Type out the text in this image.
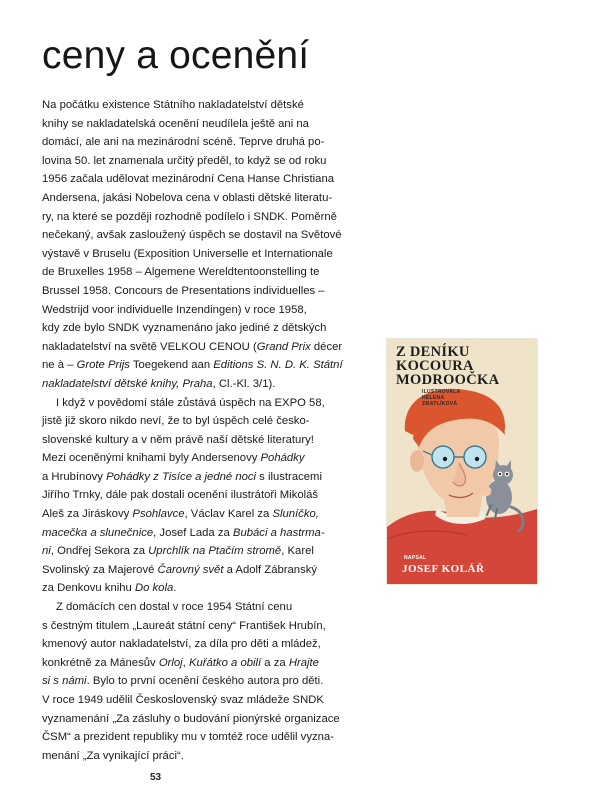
ceny a ocenění

Na počátku existence Státního nakladatelství dětské
knihy se nakladatelská ocenění neudílela ještě ani na
domácí, ale ani na mezinárodní scéně. Teprve druhá po-
lovina 50. let znamenala určitý předěl, to když se od roku
1956 začala udělovat mezinárodní Cena Hanse Christiana
Andersena, jakási Nobelova cena v oblasti dětské literatu-
ry, na které se později rozhodně podílelo i SNDK. Poměrně
nečekaný, avšak zasloužený úspěch se dostavil na Světové
výstavě v Bruselu (Exposition Universelle et Internationale
de Bruxelles 1958 – Algemene Wereldtentoonstelling te
Brussel 1958. Concours de Presentations individuelles –
Wedstrijd voor individuelle Inzendingen) v roce 1958,
kdy zde bylo SNDK vyznamenáno jako jediné z dětských
nakladatelství na světě VELKOU CENOU (Grand Prix décer
ne à – Grote Prijs Toegekend aan Editions S. N. D. K. Státní
nakladatelství dětské knihy, Praha, Cl.-Kl. 3/1).

I když v povědomí stále zůstává úspěch na EXPO 58,
jistě již skoro nikdo neví, že to byl úspěch celé česko-
slovenské kultury a v něm právě naší dětské literatury!
Mezi oceněnými knihami byly Andersenovy Pohádky
a Hrubínovy Pohádky z Tisíce a jedné noci s ilustracemi
Jiřího Trnky, dále pak dostali ocenění ilustrátoři Mikoláš
Aleš za Jiráskovy Psohlavce, Václav Karel za Sluníčko,
macečka a slunečnice, Josef Lada za Bubáci a hastrma-
ni, Ondřej Sekora za Uprchlík na Ptačím stromě, Karel
Svolinský za Majerové Čarovný svět a Adolf Zábranský
za Denkovu knihu Do kola.

Z domácích cen dostal v roce 1954 Státní cenu
s čestným titulem „Laureát státní ceny“ František Hrubín,
kmenový autor nakladatelství, za díla pro děti a mládež,
konkrétně za Mánesův Orloj, Kuřátko a obilí a za Hrajte
si s námi. Bylo to první ocenění českého autora pro děti.
V roce 1949 udělil Československý svaz mládeže SNDK
vyznamenání „Za zásluhy o budování pionýrské organizace
ČSM“ a prezident republiky mu v tomtéž roce udělil vyzna-
menání „Za vynikající práci“.

Z DENÍKU
KOCOURA
MODROOČKA
ILUSTROVALA
HELENA
ZMATLÍKOVÁ
NAPSAL
JOSEF KOLÁŘ
53
